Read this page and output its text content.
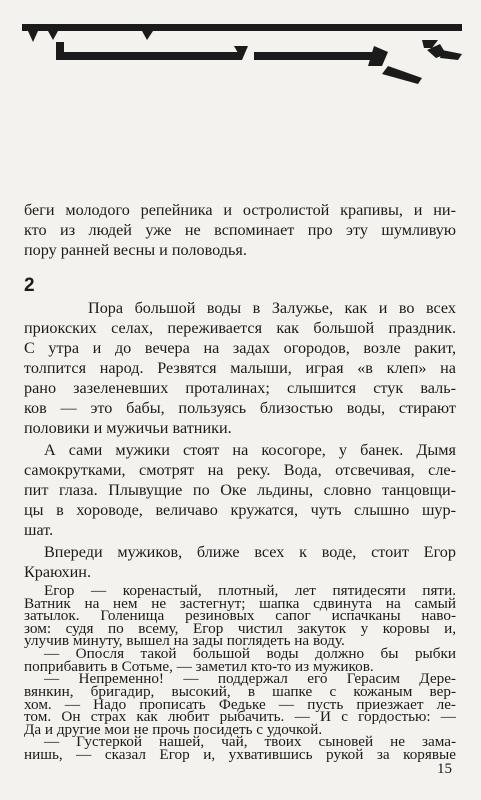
беги молодого репейника и остролистой крапивы, и ни-
кто из людей уже не вспоминает про эту шумливую
пору ранней весны и половодья.
2
Пора большой воды в Залужье, как и во всех
приокских селах, переживается как большой праздник.
С утра и до вечера на задах огородов, возле ракит,
толпится народ. Резвятся малыши, играя «в клеп» на
рано зазеленевших проталинах; слышится стук валь-
ков — это бабы, пользуясь близостью воды, стирают
половики и мужичьи ватники.
А сами мужики стоят на косогоре, у банек. Дымя
самокрутками, смотрят на реку. Вода, отсвечивая, сле-
пит глаза. Плывущие по Оке льдины, словно танцовщи-
цы в хороводе, величаво кружатся, чуть слышно шур-
шат.
Впереди мужиков, ближе всех к воде, стоит Егор
Краюхин.
Егор — коренастый, плотный, лет пятидесяти пяти.
Ватник на нем не застегнут; шапка сдвинута на самый
затылок. Голенища резиновых сапог испачканы наво-
зом: судя по всему, Егор чистил закуток у коровы и,
улучив минуту, вышел на зады поглядеть на воду.
— Опосля такой большой воды должно бы рыбки
поприбавить в Сотьме, — заметил кто-то из мужиков.
— Непременно! — поддержал его Герасим Дере-
вянкин, бригадир, высокий, в шапке с кожаным вер-
хом. — Надо прописать Федьке — пусть приезжает ле-
том. Он страх как любит рыбачить. — И с гордостью: —
Да и другие мои не прочь посидеть с удочкой.
— Густеркой нашей, чай, твоих сыновей не зама-
нишь, — сказал Егор и, ухватившись рукой за корявые
15
